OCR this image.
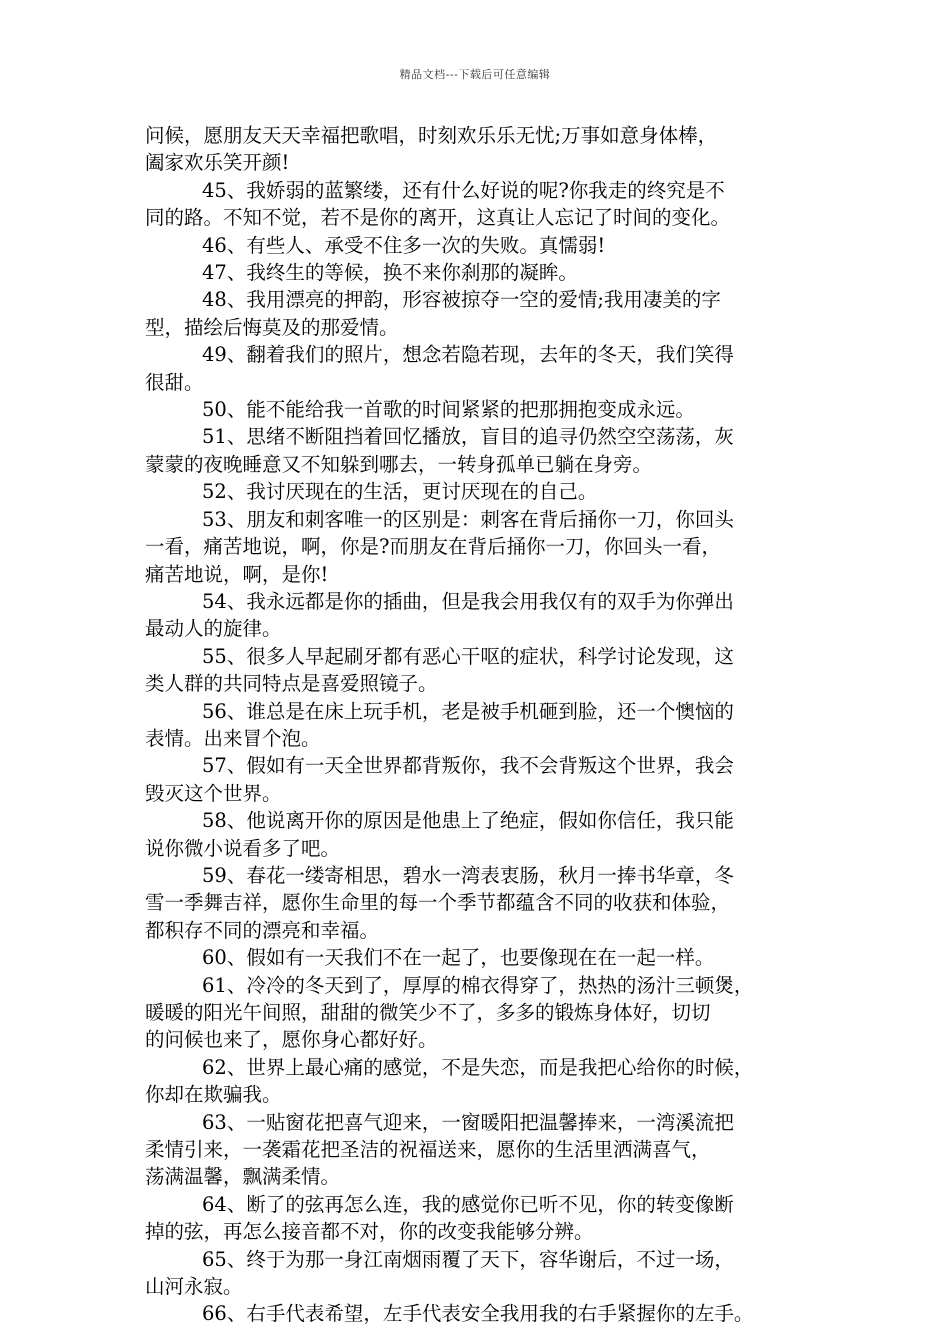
精品文档---下载后可任意编辑
问候，愿朋友天天幸福把歌唱，时刻欢乐乐无忧;万事如意身体棒，
阖家欢乐笑开颜!
45、我娇弱的蓝繁缕，还有什么好说的呢?你我走的终究是不
同的路。不知不觉，若不是你的离开，这真让人忘记了时间的变化。
46、有些人、承受不住多一次的失败。真懦弱!
47、我终生的等候，换不来你刹那的凝眸。
48、我用漂亮的押韵，形容被掠夺一空的爱情;我用凄美的字
型，描绘后悔莫及的那爱情。
49、翻着我们的照片，想念若隐若现，去年的冬天，我们笑得
很甜。
50、能不能给我一首歌的时间紧紧的把那拥抱变成永远。
51、思绪不断阻挡着回忆播放，盲目的追寻仍然空空荡荡，灰
蒙蒙的夜晚睡意又不知躲到哪去，一转身孤单已躺在身旁。
52、我讨厌现在的生活，更讨厌现在的自己。
53、朋友和刺客唯一的区别是：刺客在背后捅你一刀，你回头
一看，痛苦地说，啊，你是?而朋友在背后捅你一刀，你回头一看，
痛苦地说，啊，是你!
54、我永远都是你的插曲，但是我会用我仅有的双手为你弹出
最动人的旋律。
55、很多人早起刷牙都有恶心干呕的症状，科学讨论发现，这
类人群的共同特点是喜爱照镜子。
56、谁总是在床上玩手机，老是被手机砸到脸，还一个懊恼的
表情。出来冒个泡。
57、假如有一天全世界都背叛你，我不会背叛这个世界，我会
毁灭这个世界。
58、他说离开你的原因是他患上了绝症，假如你信任，我只能
说你微小说看多了吧。
59、春花一缕寄相思，碧水一湾表衷肠，秋月一捧书华章，冬
雪一季舞吉祥，愿你生命里的每一个季节都蕴含不同的收获和体验，
都积存不同的漂亮和幸福。
60、假如有一天我们不在一起了，也要像现在在一起一样。
61、冷冷的冬天到了，厚厚的棉衣得穿了，热热的汤汁三顿煲，
暖暖的阳光午间照，甜甜的微笑少不了，多多的锻炼身体好，切切
的问候也来了，愿你身心都好好。
62、世界上最心痛的感觉，不是失恋，而是我把心给你的时候，
你却在欺骗我。
63、一贴窗花把喜气迎来，一窗暖阳把温馨捧来，一湾溪流把
柔情引来，一袭霜花把圣洁的祝福送来，愿你的生活里洒满喜气，
荡满温馨，飘满柔情。
64、断了的弦再怎么连，我的感觉你已听不见，你的转变像断
掉的弦，再怎么接音都不对，你的改变我能够分辨。
65、终于为那一身江南烟雨覆了天下，容华谢后，不过一场，
山河永寂。
66、右手代表希望，左手代表安全我用我的右手紧握你的左手。
